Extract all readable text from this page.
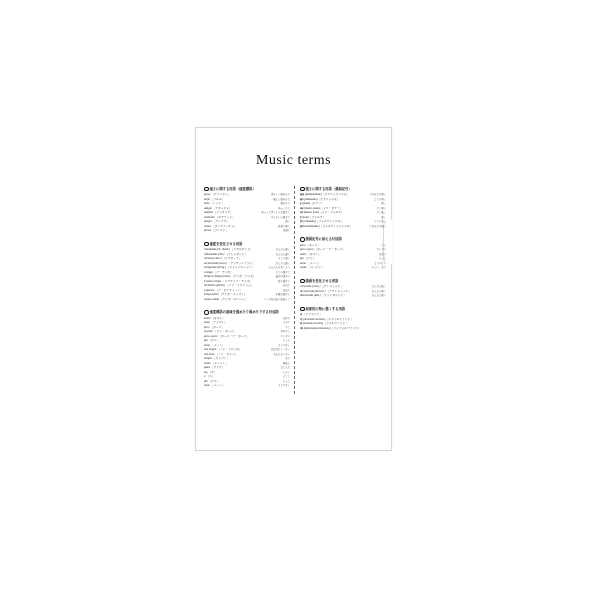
Music terms
速さに関する用語（速度標語）
grave ［グラーヴェ］	重々しく緩やかに
largo ［ラルゴ］	幅広く緩やかに
lento ［レント］	緩やかに
adagio ［アダージョ］	ゆっくりと
andante ［アンダンテ］	ゆっくり歩くような速さで
moderato ［モデラート］	中ぐらいの速さで
allegro ［アレグロ］	速く
vivace ［ヴィヴァーチェ］	活発に速く
presto ［プレスト］	急速に
速度を変化させる用語
ritardando (rit. ritard.) ［リタルダンド］	だんだん遅く
rallentando (rall.) ［ラレンタンド］	だんだん遅く
ritenuto (riten.) ［リテヌート］	すぐに遅く
accelerando (accel.) ［アッチェレランド］	だんだん速く
stringendo (string.) ［ストリンジェンド］	だんだんせきこんで
a tempo ［ア・テンポ］	もとの速さで
Tempo I (Tempo primo) ［テンポ・プリモ］	最初の速さで
L'istesso tempo ［リステッソ・テンポ］	同じ速さで
ad libitum (ad lib.) ［アド・リビトゥム］	自由に
a piacere ［ア・ピアチェーレ］	自由に
tempo giusto ［テンポ・ジュスト］	正確な速さで
tempo rubato ［テンポ・ルバート］	テンポを自由に加減して
速度標語の意味を強めたり弱めたりする付加語
molto ［モルト］	非常に
assai ［アッサイ］	十分に
poco ［ポーコ］	少し
un poco ［ウン・ポーコ］	やや少し
poco a poco ［ポーコ・ア・ポーコ］	少しずつ
più ［ピウ］	もっと
meno ［メーノ］	より少なく
non troppo ［ノン・トロッポ］	はなはだしくなく
non tanto ［ノン・タント］	あまり多くなく
sempre ［センプレ］	常に
simile ［シーミレ］	同様に
quasi ［クアジ］	ほとんど
ma ［マ］	しかし
e ［エ］	そして
più ［ピウ］	もっと
meno ［メーノ］	より少なく
強さに関する用語（強弱記号）
ppp (pianississimo)［ピアニッシッシモ］	できるだけ弱く
pp (pianissimo)［ピアニッシモ］	とても弱く
p (piano)［ピアノ］	弱く
mp (mezzo piano)［メゾ・ピアノ］	少し弱く
mf (mezzo forte)［メゾ・フォルテ］	少し強く
f (forte)［フォルテ］	強く
ff (fortissimo)［フォルティッシモ］	とても強く
fff (fortississimo)［フォルティッシッシモ］	できるだけ強く
強弱記号に添える付加語
poco ［ポーコ］	少し
poco a poco ［ポーコ・ア・ポーコ］	少しずつ
molto ［モルト］	非常に
più ［ピウ］	もっと
meno ［メーノ］	より少なく
subito ［スービト］	すぐに、急に
強弱を変化させる用語
crescendo (cresc.) ［クレシェンド］	だんだん強く
decrescendo (decresc.) ［デクレシェンド］	だんだん弱く
diminuendo (dim.) ［ディミヌエンド］	だんだん弱く
局部的に特に強くする用語
sf ［アクセント］
sf (sforzando sforzato)［スフォルツァンド］
fz (forzando forzato)［フォルツァンド］
rfz (rinforzando rinforzato)［リンフォルツァンド］
